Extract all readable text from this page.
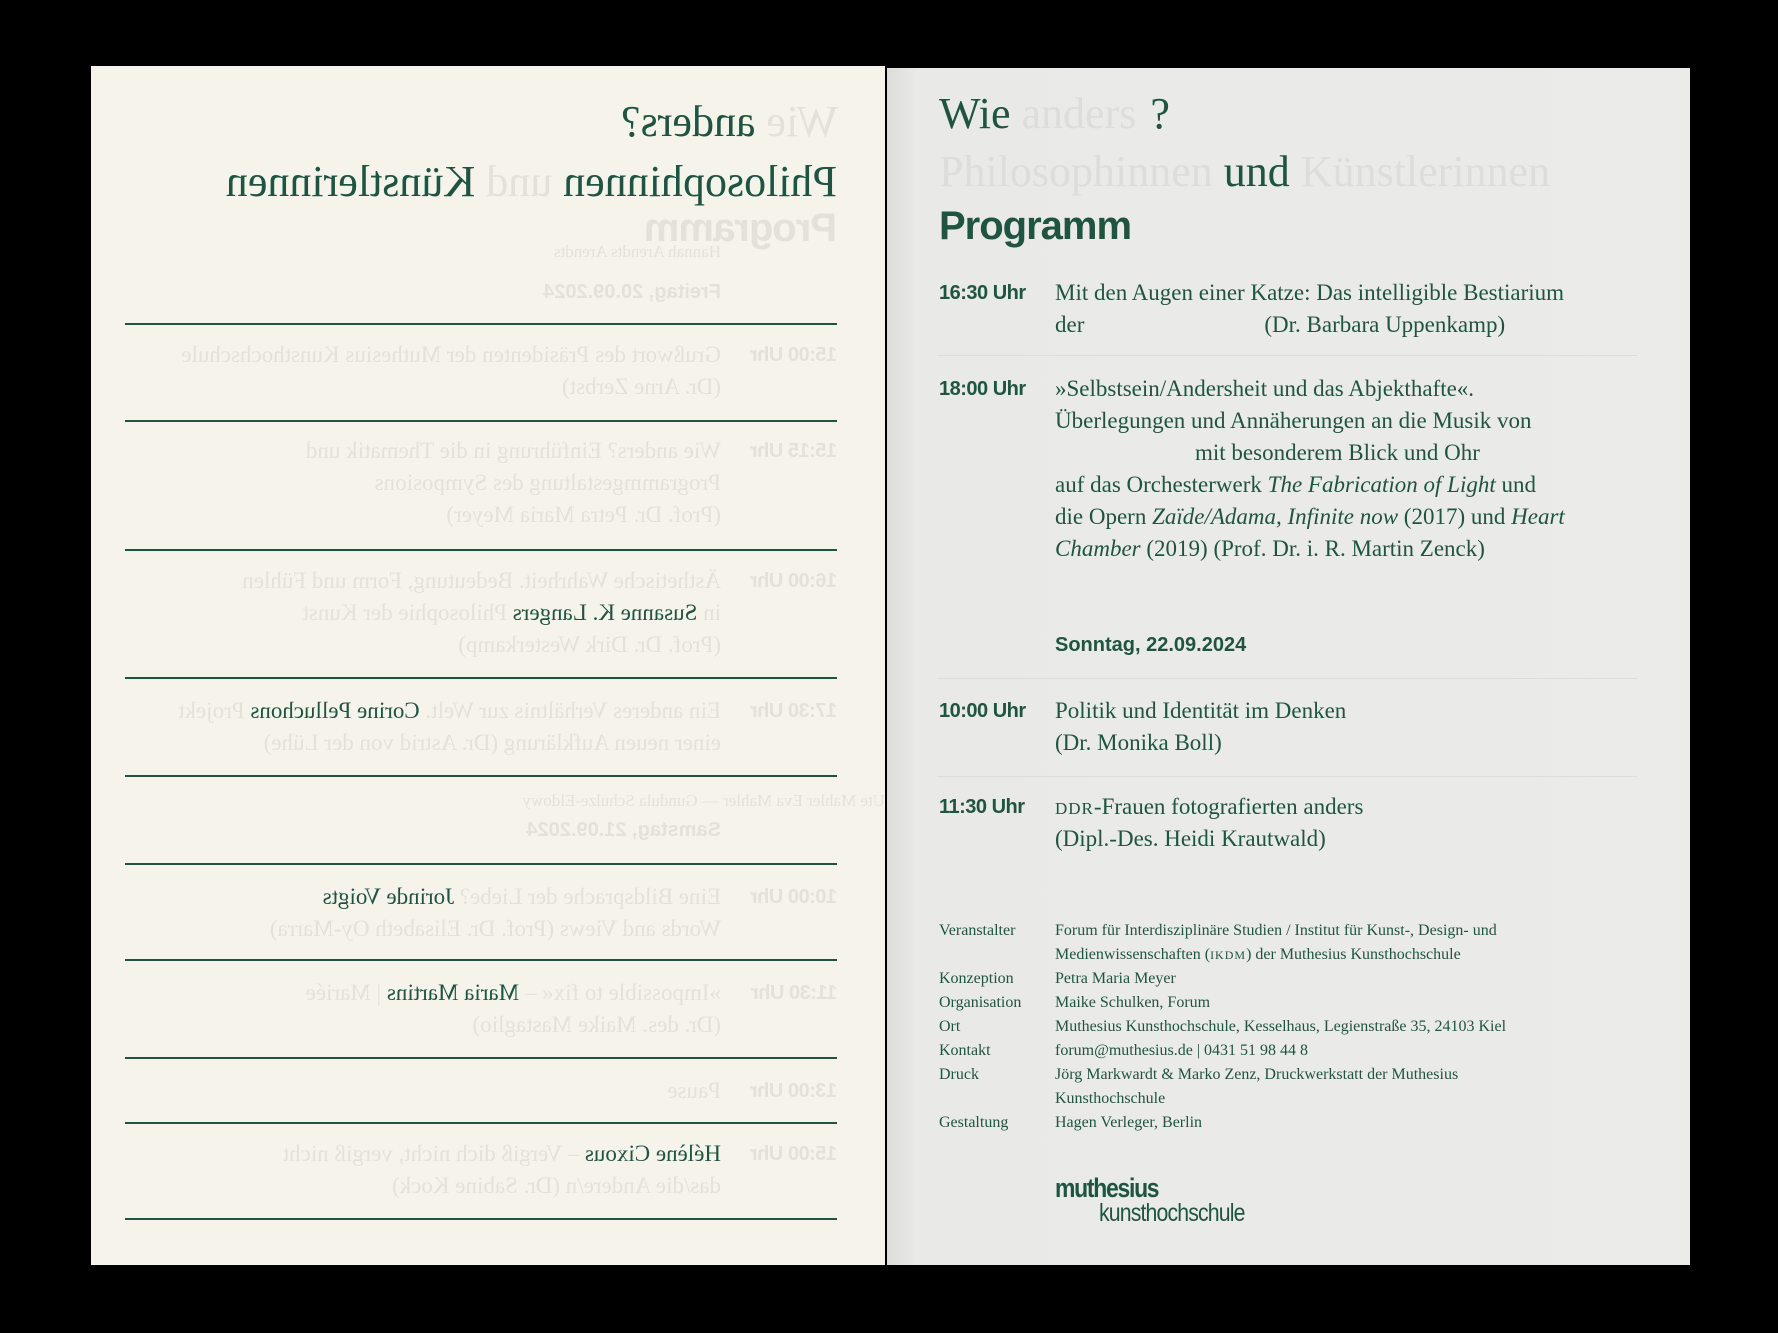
Wie anders?
Philosophinnen und Künstlerinnen
Programm
Hannah Arendts Arendts
Freitag, 20.09.2024
15:00 Uhr
Grußwort des Präsidenten der Muthesius Kunsthochschule
(Dr. Arne Zerbst)
15:15 Uhr
Wie anders? Einführung in die Thematik und
Programmgestaltung des Symposions
(Prof. Dr. Petra Maria Meyer)
16:00 Uhr
Ästhetische Wahrheit. Bedeutung, Form und Fühlen
in Susanne K. Langers Philosophie der Kunst
(Prof. Dr. Dirk Westerkamp)
17:30 Uhr
Ein anderes Verhältnis zur Welt. Corine Pelluchons Projekt
einer neuen Aufklärung (Dr. Astrid von der Lühe)
Ute Mahler Eva Mahler — Gundula Schulze-Eldowy
Samstag, 21.09.2024
10:00 Uhr
Eine Bildsprache der Liebe? Jorinde Voigts
Words and Views (Prof. Dr. Elisabeth Oy-Marra)
11:30 Uhr
»Impossible to fix« – Maria Martins | Mariée
(Dr. des. Maike Mastaglio)
13:00 Uhr
Pause
15:00 Uhr
Hélène Cixous – Vergiß dich nicht, vergiß nicht
das/die Andere/n (Dr. Sabine Kock)
Wie anders ?
Philosophinnen und Künstlerinnen
Programm
16:30 Uhr Mit den Augen einer Katze: Das intelligible Bestiarium
der	(Dr. Barbara Uppenkamp)
18:00 Uhr »Selbstsein/Andersheit und das Abjekthafte«.
Überlegungen und Annäherungen an die Musik von
mit besonderem Blick und Ohr
auf das Orchesterwerk The Fabrication of Light und
die Opern Zaïde/Adama, Infinite now (2017) und Heart
Chamber (2019) (Prof. Dr. i. R. Martin Zenck)
Sonntag, 22.09.2024
10:00 Uhr Politik und Identität im Denken
(Dr. Monika Boll)
11:30 Uhr DDR-Frauen fotografierten anders
(Dipl.-Des. Heidi Krautwald)
Veranstalter	Forum für Interdisziplinäre Studien / Institut für Kunst-, Design- und
Medienwissenschaften (IKDM) der Muthesius Kunsthochschule
Konzeption	Petra Maria Meyer
Organisation	Maike Schulken, Forum
Ort	Muthesius Kunsthochschule, Kesselhaus, Legienstraße 35, 24103 Kiel
Kontakt	forum@muthesius.de | 0431 51 98 44 8
Druck	Jörg Markwardt & Marko Zenz, Druckwerkstatt der Muthesius
Kunsthochschule
Gestaltung	Hagen Verleger, Berlin
muthesius
kunsthochschule
